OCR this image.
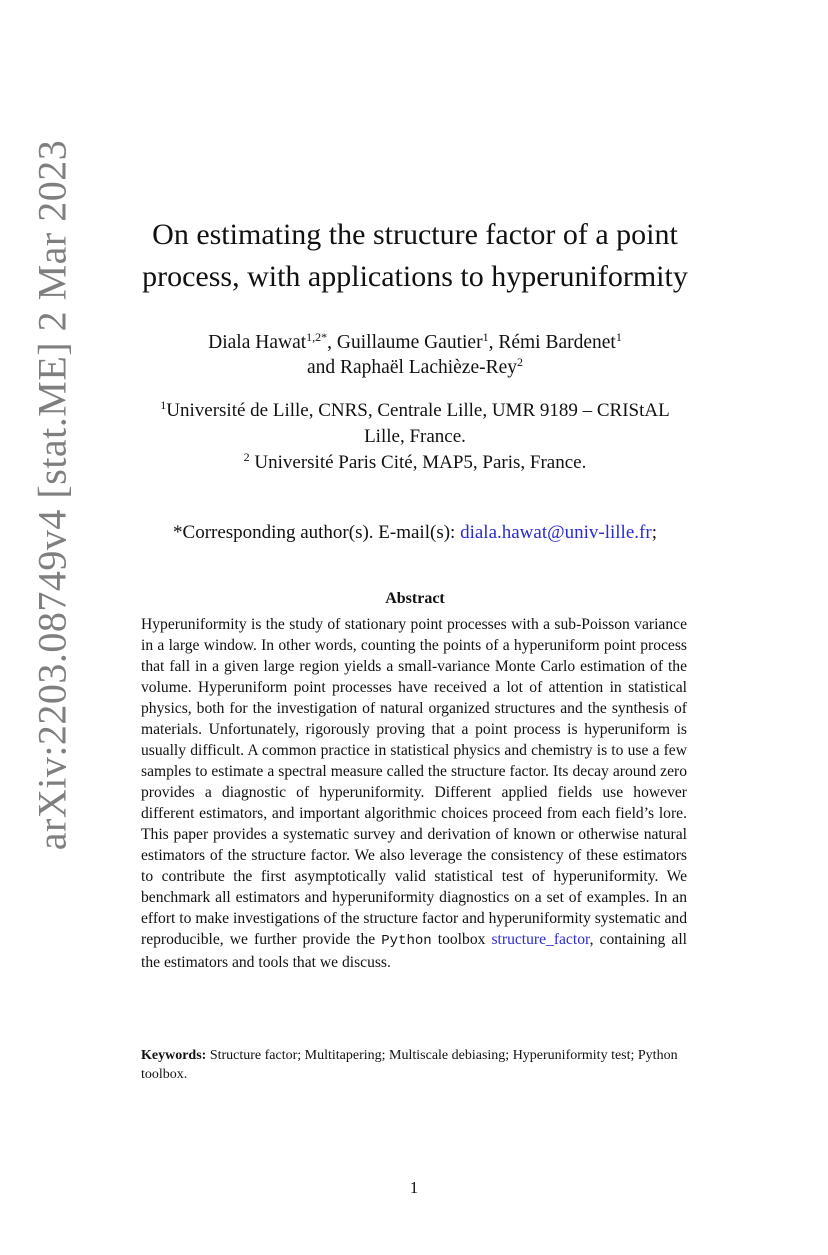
arXiv:2203.08749v4 [stat.ME] 2 Mar 2023	On estimating the structure factor of a point
process, with applications to hyperuniformity
Diala Hawat$^{1,2*}$, Guillaume Gautier$^1$, Rémi Bardenet$^1$
and Raphaël Lachièze-Rey$^2$
$^1$Université de Lille, CNRS, Centrale Lille, UMR 9189 – CRIStAL
Lille, France.
$^2$ Université Paris Cité, MAP5, Paris, France.
*Corresponding author(s). E-mail(s): diala.hawat@univ-lille.fr;
Abstract
Hyperuniformity is the study of stationary point processes with a sub-Poisson variance in a large window. In other words, counting the points of a hyperuniform point process that fall in a given large region yields a small-variance Monte Carlo estimation of the volume. Hyperuniform point processes have received a lot of attention in statistical physics, both for the investigation of natural organized structures and the synthesis of materials. Unfortunately, rigorously proving that a point process is hyperuniform is usually difficult. A common practice in statistical physics and chemistry is to use a few samples to estimate a spectral measure called the structure factor. Its decay around zero provides a diagnostic of hyperuniformity. Different applied fields use however different estimators, and important algorithmic choices proceed from each field’s lore. This paper provides a systematic survey and derivation of known or otherwise natural estimators of the structure factor. We also leverage the consistency of these estimators to contribute the first asymptotically valid statistical test of hyperuniformity. We benchmark all estimators and hyperuniformity diagnostics on a set of examples. In an effort to make investigations of the structure factor and hyperuniformity systematic and reproducible, we further provide the Python toolbox structure_factor, containing all the estimators and tools that we discuss.
Keywords: Structure factor; Multitapering; Multiscale debiasing; Hyperuniformity test; Python toolbox.
1
